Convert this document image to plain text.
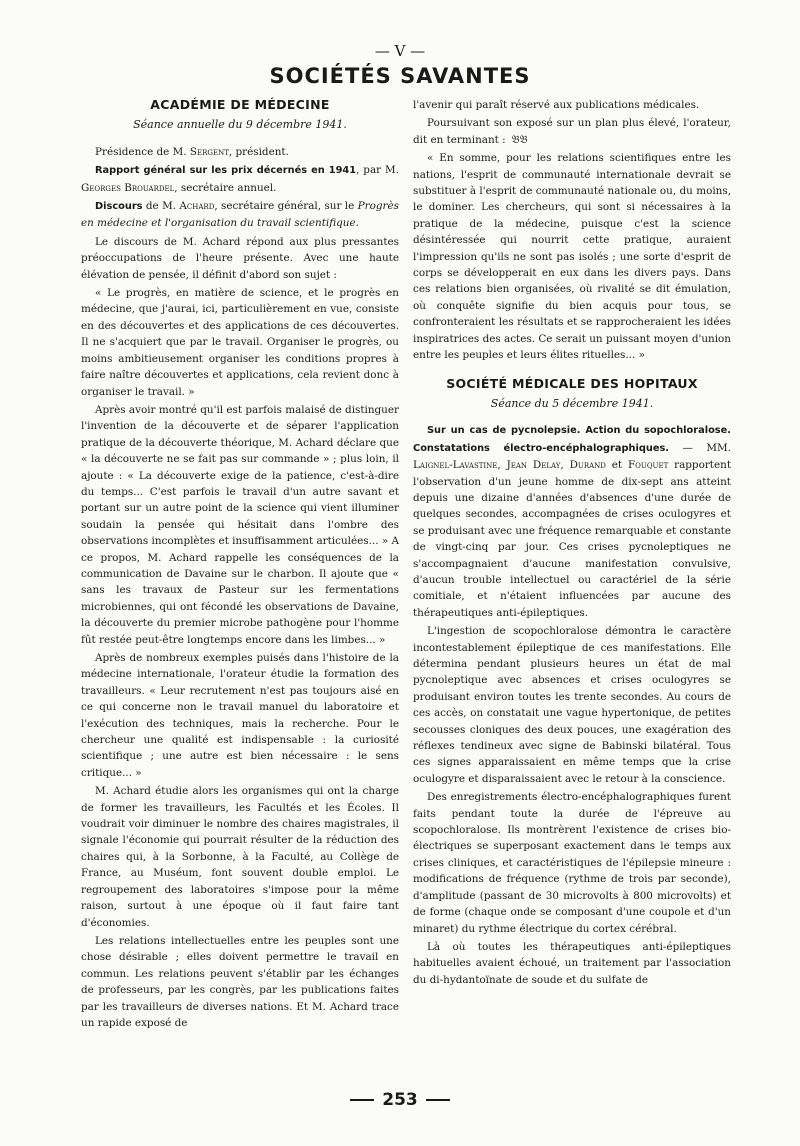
— V —
SOCIÉTÉS SAVANTES
ACADÉMIE DE MÉDECINE
Séance annuelle du 9 décembre 1941.

Présidence de M. Sergent, président.

Rapport général sur les prix décernés en 1941, par M. Georges Brouardel, secrétaire annuel.

Discours de M. Achard, secrétaire général, sur le Progrès en médecine et l'organisation du travail scientifique.

Le discours de M. Achard répond aux plus pressantes préoccupations de l'heure présente. Avec une haute élévation de pensée, il définit d'abord son sujet :

« Le progrès, en matière de science, et le progrès en médecine, que j'aurai, ici, particulièrement en vue, consiste en des découvertes et des applications de ces découvertes. Il ne s'acquiert que par le travail. Organiser le progrès, ou moins ambitieusement organiser les conditions propres à faire naître découvertes et applications, cela revient donc à organiser le travail. »

Après avoir montré qu'il est parfois malaisé de distinguer l'invention de la découverte et de séparer l'application pratique de la découverte théorique, M. Achard déclare que « la découverte ne se fait pas sur commande » ; plus loin, il ajoute : « La découverte exige de la patience, c'est-à-dire du temps... C'est parfois le travail d'un autre savant et portant sur un autre point de la science qui vient illuminer soudain la pensée qui hésitait dans l'ombre des observations incomplètes et insuffisamment articulées... » A ce propos, M. Achard rappelle les conséquences de la communication de Davaine sur le charbon. Il ajoute que « sans les travaux de Pasteur sur les fermentations microbiennes, qui ont fécondé les observations de Davaine, la découverte du premier microbe pathogène pour l'homme fût restée peut-être longtemps encore dans les limbes... »

Après de nombreux exemples puisés dans l'histoire de la médecine internationale, l'orateur étudie la formation des travailleurs. « Leur recrutement n'est pas toujours aisé en ce qui concerne non le travail manuel du laboratoire et l'exécution des techniques, mais la recherche. Pour le chercheur une qualité est indispensable : la curiosité scientifique ; une autre est bien nécessaire : le sens critique... »

M. Achard étudie alors les organismes qui ont la charge de former les travailleurs, les Facultés et les Écoles. Il voudrait voir diminuer le nombre des chaires magistrales, il signale l'économie qui pourrait résulter de la réduction des chaires qui, à la Sorbonne, à la Faculté, au Collège de France, au Muséum, font souvent double emploi. Le regroupement des laboratoires s'impose pour la même raison, surtout à une époque où il faut faire tant d'économies.

Les relations intellectuelles entre les peuples sont une chose désirable ; elles doivent permettre le travail en commun. Les relations peuvent s'établir par les échanges de professeurs, par les congrès, par les publications faites par les travailleurs de diverses nations. Et M. Achard trace un rapide exposé de

l'avenir qui paraît réservé aux publications médicales.

Poursuivant son exposé sur un plan plus élevé, l'orateur, dit en terminant : 𝔅𝔅

« En somme, pour les relations scientifiques entre les nations, l'esprit de communauté internationale devrait se substituer à l'esprit de communauté nationale ou, du moins, le dominer. Les chercheurs, qui sont si nécessaires à la pratique de la médecine, puisque c'est la science désintéressée qui nourrit cette pratique, auraient l'impression qu'ils ne sont pas isolés ; une sorte d'esprit de corps se développerait en eux dans les divers pays. Dans ces relations bien organisées, où rivalité se dit émulation, où conquête signifie du bien acquis pour tous, se confronteraient les résultats et se rapprocheraient les idées inspiratrices des actes. Ce serait un puissant moyen d'union entre les peuples et leurs élites rituelles... »

SOCIÉTÉ MÉDICALE DES HOPITAUX
Séance du 5 décembre 1941.

Sur un cas de pycnolepsie. Action du sopochloralose. Constatations électro-encéphalographiques. — MM. Laignel-Lavastine, Jean Delay, Durand et Fouquet rapportent l'observation d'un jeune homme de dix-sept ans atteint depuis une dizaine d'années d'absences d'une durée de quelques secondes, accompagnées de crises oculogyres et se produisant avec une fréquence remarquable et constante de vingt-cinq par jour. Ces crises pycnoleptiques ne s'accompagnaient d'aucune manifestation convulsive, d'aucun trouble intellectuel ou caractériel de la série comitiale, et n'étaient influencées par aucune des thérapeutiques anti-épileptiques.

L'ingestion de scopochloralose démontra le caractère incontestablement épileptique de ces manifestations. Elle détermina pendant plusieurs heures un état de mal pycnoleptique avec absences et crises oculogyres se produisant environ toutes les trente secondes. Au cours de ces accès, on constatait une vague hypertonique, de petites secousses cloniques des deux pouces, une exagération des réflexes tendineux avec signe de Babinski bilatéral. Tous ces signes apparaissaient en même temps que la crise oculogyre et disparaissaient avec le retour à la conscience.

Des enregistrements électro-encéphalographiques furent faits pendant toute la durée de l'épreuve au scopochloralose. Ils montrèrent l'existence de crises bio-électriques se superposant exactement dans le temps aux crises cliniques, et caractéristiques de l'épilepsie mineure : modifications de fréquence (rythme de trois par seconde), d'amplitude (passant de 30 microvolts à 800 microvolts) et de forme (chaque onde se composant d'une coupole et d'un minaret) du rythme électrique du cortex cérébral.

Là où toutes les thérapeutiques anti-épileptiques habituelles avaient échoué, un traitement par l'association du di-hydantoïnate de soude et du sulfate de

253
